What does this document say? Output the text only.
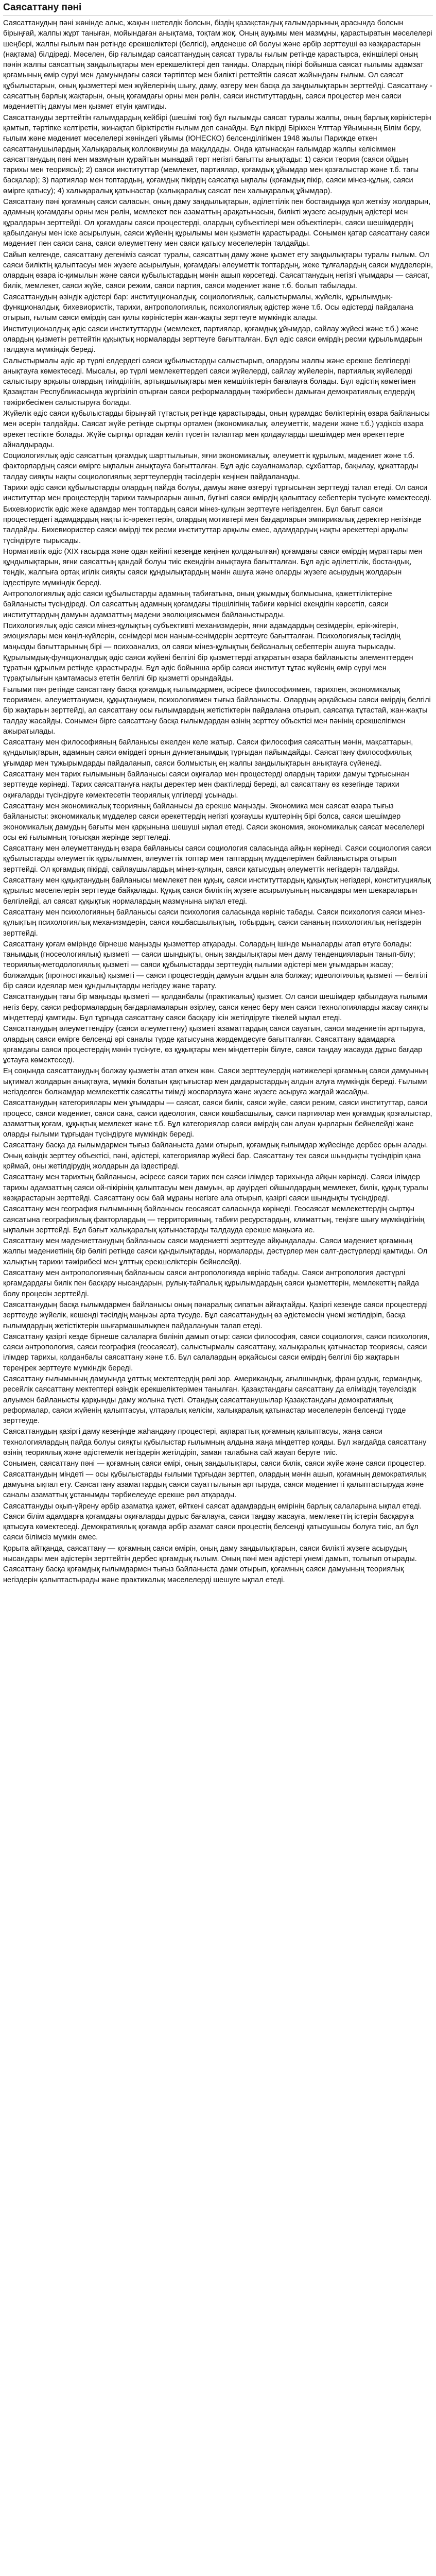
Саясаттану пәні

Саясаттанудың пәні жөнінде алыс, жақын шетелдік болсын, біздің қазақстандық ғалымдарының арасында болсын бірыңғай, жалпы жұрт таныған, мойындаған анықтама, тоқтам жоқ. Оның ауқымы мен мазмұны, қарастыратын мәселелері шеңбері, жалпы ғылым пән ретінде ерекшеліктері (белгісі), әлденеше ой болуы және әрбір зерттеуші өз көзқарастарын (нақтама) білдіреді. Мәселен, бір ғалымдар саясаттанудың саясат туралы ғылым ретінде қарастырса, екіншілері оның пәнін жалпы саясаттың заңдылықтары мен ерекшеліктері деп таниды. Олардың пікірі бойынша саясат ғылымы адамзат қоғамының өмір сүруі мен дамуындағы саяси тәртіптер мен билікті реттейтін саясат жайындағы ғылым. Ол саясат құбылыстарын, оның қызметтері мен жүйелерінің шығу, даму, өзгеру мен басқа да заңдылықтарын зерттейді. Саясаттану - саясаттың барлық жақтарын, оның қоғамдағы орны мен рөлін, саяси институттардың, саяси процестер мен саяси мәдениеттің дамуы мен қызмет етуін қамтиды.

Саясаттануды зерттейтін ғалымдардың кейбірі (шешімі тоқ) бұл ғылымды саясат туралы жалпы, оның барлық көріністерін қамтып, тәртіпке келтіретін, жинақтап біріктіретін ғылым деп санайды. Бұл пікірді Біріккен Ұлттар Ұйымының Білім беру, ғылым және мәдениет мәселелері жөніндегі ұйымы (ЮНЕСКО) белсенділігімен 1948 жылы Парижде өткен саясаттанушылардың Халықаралық коллоквиумы да мақұлдады. Онда қатынасқан ғалымдар жалпы келісіммен саясаттанудың пәні мен мазмұнын құрайтын мынадай төрт негізгі бағытты анықтады: 1) саяси теория (саяси ойдың тарихы мен теориясы); 2) саяси институттар (мемлекет, партиялар, қоғамдық ұйымдар мен қозғалыстар және т.б. тағы басқалар); 3) партиялар мен топтардың, қоғамдық пікірдің саясатқа ықпалы (қоғамдық пікір, саяси мінез-құлық, саяси өмірге қатысу); 4) халықаралық қатынастар (халықаралық саясат пен халықаралық ұйымдар).

Саясаттану пәні қоғамның саяси саласын, оның даму заңдылықтарын, әділеттілік пен бостандыққа қол жеткізу жолдарын, адамның қоғамдағы орны мен рөлін, мемлекет пен азаматтың арақатынасын, билікті жүзеге асырудың әдістері мен құралдарын зерттейді. Ол қоғамдағы саяси процестерді, олардың субъектілері мен объектілерін, саяси шешімдердің қабылдануы мен іске асырылуын, саяси жүйенің құрылымы мен қызметін қарастырады. Сонымен қатар саясаттану саяси мәдениет пен саяси сана, саяси әлеуметтену мен саяси қатысу мәселелерін талдайды.

Сайып келгенде, саясаттану дегеніміз саясат туралы, саясаттың даму және қызмет ету заңдылықтары туралы ғылым. Ол саяси биліктің қалыптасуы мен жүзеге асырылуын, қоғамдағы әлеуметтік топтардың, жеке тұлғалардың саяси мүдделерін, олардың өзара іс-қимылын және саяси құбылыстардың мәнін ашып көрсетеді. Саясаттанудың негізгі ұғымдары — саясат, билік, мемлекет, саяси жүйе, саяси режим, саяси партия, саяси мәдениет және т.б. болып табылады.

Саясаттанудың өзіндік әдістері бар: институционалдық, социологиялық, салыстырмалы, жүйелік, құрылымдық-функционалдық, бихевиористік, тарихи, антропологиялық, психологиялық әдістер және т.б. Осы әдістерді пайдалана отырып, ғылым саяси өмірдің сан қилы көріністерін жан-жақты зерттеуге мүмкіндік алады.

Институционалдық әдіс саяси институттарды (мемлекет, партиялар, қоғамдық ұйымдар, сайлау жүйесі және т.б.) және олардың қызметін реттейтін құқықтық нормаларды зерттеуге бағытталған. Бұл әдіс саяси өмірдің ресми құрылымдарын талдауға мүмкіндік береді.

Салыстырмалы әдіс әр түрлі елдердегі саяси құбылыстарды салыстырып, олардағы жалпы және ерекше белгілерді анықтауға көмектеседі. Мысалы, әр түрлі мемлекеттердегі саяси жүйелерді, сайлау жүйелерін, партиялық жүйелерді салыстыру арқылы олардың тиімділігін, артықшылықтары мен кемшіліктерін бағалауға болады. Бұл әдістің көмегімен Қазақстан Республикасында жүргізіліп отырған саяси реформалардың тәжірибесін дамыған демократиялық елдердің тәжірибесімен салыстыруға болады.

Жүйелік әдіс саяси құбылыстарды бірыңғай тұтастық ретінде қарастырады, оның құрамдас бөліктерінің өзара байланысы мен әсерін талдайды. Саясат жүйе ретінде сыртқы ортамен (экономикалық, әлеуметтік, мәдени және т.б.) үздіксіз өзара әрекеттестікте болады. Жүйе сыртқы ортадан келіп түсетін талаптар мен қолдауларды шешімдер мен әрекеттерге айналдырады.

Социологиялық әдіс саясаттың қоғамдық шарттылығын, яғни экономикалық, әлеуметтік құрылым, мәдениет және т.б. факторлардың саяси өмірге ықпалын анықтауға бағытталған. Бұл әдіс сауалнамалар, сұхбаттар, бақылау, құжаттарды талдау сияқты нақты социологиялық зерттеулердің тәсілдерін кеңінен пайдаланады.

Тарихи әдіс саяси құбылыстарды олардың пайда болуы, дамуы және өзгеруі тұрғысынан зерттеуді талап етеді. Ол саяси институттар мен процестердің тарихи тамырларын ашып, бүгінгі саяси өмірдің қалыптасу себептерін түсінуге көмектеседі.

Бихевиористік әдіс жеке адамдар мен топтардың саяси мінез-құлқын зерттеуге негізделген. Бұл бағыт саяси процестердегі адамдардың нақты іс-әрекеттерін, олардың мотивтері мен бағдарларын эмпирикалық деректер негізінде талдайды. Бихевиористер саяси өмірді тек ресми институттар арқылы емес, адамдардың нақты әрекеттері арқылы түсіндіруге тырысады.

Нормативтік әдіс (ХІХ ғасырда және одан кейінгі кезеңде кеңінен қолданылған) қоғамдағы саяси өмірдің мұраттары мен құндылықтарын, яғни саясаттың қандай болуы тиіс екендігін анықтауға бағытталған. Бұл әдіс әділеттілік, бостандық, теңдік, жалпыға ортақ игілік сияқты саяси құндылықтардың мәнін ашуға және оларды жүзеге асырудың жолдарын іздестіруге мүмкіндік береді.

Антропологиялық әдіс саяси құбылыстарды адамның табиғатына, оның ұжымдық болмысына, қажеттіліктеріне байланысты түсіндіреді. Ол саясаттың адамның қоғамдағы тіршілігінің табиғи көрінісі екендігін көрсетіп, саяси институттардың дамуын адамзаттың мәдени эволюциясымен байланыстырады.

Психологиялық әдіс саяси мінез-құлықтың субъективті механизмдерін, яғни адамдардың сезімдерін, ерік-жігерін, эмоциялары мен көңіл-күйлерін, сенімдері мен наным-сенімдерін зерттеуге бағытталған. Психологиялық тәсілдің маңызды бағыттарының бірі — психоанализ, ол саяси мінез-құлықтың бейсаналық себептерін ашуға тырысады.

Құрылымдық-функционалдық әдіс саяси жүйені белгілі бір қызметтерді атқаратын өзара байланысты элементтерден тұратын құрылым ретінде қарастырады. Бұл әдіс бойынша әрбір саяси институт тұтас жүйенің өмір сүруі мен тұрақтылығын қамтамасыз ететін белгілі бір қызметті орындайды.

Ғылыми пән ретінде саясаттану басқа қоғамдық ғылымдармен, әсіресе философиямен, тарихпен, экономикалық теориямен, әлеуметтанумен, құқықтанумен, психологиямен тығыз байланысты. Олардың әрқайсысы саяси өмірдің белгілі бір жақтарын зерттейді, ал саясаттану осы ғылымдардың жетістіктерін пайдалана отырып, саясатқа тұтастай, жан-жақты талдау жасайды. Сонымен бірге саясаттану басқа ғылымдардан өзінің зерттеу объектісі мен пәнінің ерекшелігімен ажыратылады.

Саясаттану мен философияның байланысы ежелден келе жатыр. Саяси философия саясаттың мәнін, мақсаттарын, құндылықтарын, адамның саяси өмірдегі орнын дүниетанымдық тұрғыдан пайымдайды. Саясаттану философиялық ұғымдар мен тұжырымдарды пайдаланып, саяси болмыстың ең жалпы заңдылықтарын анықтауға сүйенеді.

Саясаттану мен тарих ғылымының байланысы саяси оқиғалар мен процестерді олардың тарихи дамуы тұрғысынан зерттеуде көрінеді. Тарих саясаттануға нақты деректер мен фактілерді береді, ал саясаттану өз кезегінде тарихи оқиғаларды түсіндіруге көмектесетін теориялық үлгілерді ұсынады.

Саясаттану мен экономикалық теорияның байланысы да ерекше маңызды. Экономика мен саясат өзара тығыз байланысты: экономикалық мүдделер саяси әрекеттердің негізгі қозғаушы күштерінің бірі болса, саяси шешімдер экономикалық дамудың бағыты мен қарқынына шешуші ықпал етеді. Саяси экономия, экономикалық саясат мәселелері осы екі ғылымның тоғысқан жерінде зерттеледі.

Саясаттану мен әлеуметтанудың өзара байланысы саяси социология саласында айқын көрінеді. Саяси социология саяси құбылыстарды әлеуметтік құрылыммен, әлеуметтік топтар мен таптардың мүдделерімен байланыстыра отырып зерттейді. Ол қоғамдық пікірді, сайлаушылардың мінез-құлқын, саяси қатысудың әлеуметтік негіздерін талдайды.

Саясаттану мен құқықтанудың байланысы мемлекет пен құқық, саяси институттардың құқықтық негіздері, конституциялық құрылыс мәселелерін зерттеуде байқалады. Құқық саяси биліктің жүзеге асырылуының нысандары мен шекараларын белгілейді, ал саясат құқықтық нормалардың мазмұнына ықпал етеді.

Саясаттану мен психологияның байланысы саяси психология саласында көрініс табады. Саяси психология саяси мінез-құлықтың психологиялық механизмдерін, саяси көшбасшылықтың, тобырдың, саяси сананың психологиялық негіздерін зерттейді.

Саясаттану қоғам өмірінде бірнеше маңызды қызметтер атқарады. Солардың ішінде мыналарды атап өтуге болады: танымдық (гносеологиялық) қызметі — саяси шындықты, оның заңдылықтары мен даму тенденцияларын танып-білу; теориялық-методологиялық қызметі — саяси құбылыстарды зерттеудің ғылыми әдістері мен ұғымдарын жасау; болжамдық (прогностикалық) қызметі — саяси процестердің дамуын алдын ала болжау; идеологиялық қызметі — белгілі бір саяси идеялар мен құндылықтарды негіздеу және тарату.

Саясаттанудың тағы бір маңызды қызметі — қолданбалы (практикалық) қызмет. Ол саяси шешімдер қабылдауға ғылыми негіз беру, саяси реформалардың бағдарламаларын әзірлеу, саяси кеңес беру мен саяси технологияларды жасау сияқты міндеттерді қамтиды. Бұл тұрғыда саясаттану саяси басқару ісін жетілдіруге тікелей ықпал етеді.

Саясаттанудың әлеуметтендіру (саяси әлеуметтену) қызметі азаматтардың саяси сауатын, саяси мәдениетін арттыруға, олардың саяси өмірге белсенді әрі саналы түрде қатысуына жәрдемдесуге бағытталған. Саясаттану адамдарға қоғамдағы саяси процестердің мәнін түсінуге, өз құқықтары мен міндеттерін білуге, саяси таңдау жасауда дұрыс бағдар ұстауға көмектеседі.

Ең соңында саясаттанудың болжау қызметін атап өткен жөн. Саяси зерттеулердің нәтижелері қоғамның саяси дамуының ықтимал жолдарын анықтауға, мүмкін болатын қақтығыстар мен дағдарыстардың алдын алуға мүмкіндік береді. Ғылыми негізделген болжамдар мемлекеттік саясатты тиімді жоспарлауға және жүзеге асыруға жағдай жасайды.

Саясаттанудың категориялары мен ұғымдары — саясат, саяси билік, саяси жүйе, саяси режим, саяси институттар, саяси процесс, саяси мәдениет, саяси сана, саяси идеология, саяси көшбасшылық, саяси партиялар мен қоғамдық қозғалыстар, азаматтық қоғам, құқықтық мемлекет және т.б. Бұл категориялар саяси өмірдің сан алуан қырларын бейнелейді және оларды ғылыми тұрғыдан түсіндіруге мүмкіндік береді.

Саясаттану басқа да ғылымдармен тығыз байланыста дами отырып, қоғамдық ғылымдар жүйесінде дербес орын алады. Оның өзіндік зерттеу объектісі, пәні, әдістері, категориялар жүйесі бар. Саясаттану тек саяси шындықты түсіндіріп қана қоймай, оны жетілдірудің жолдарын да іздестіреді.

Саясаттану мен тарихтың байланысы, әсіресе саяси тарих пен саяси ілімдер тарихында айқын көрінеді. Саяси ілімдер тарихы адамзаттың саяси ой-пікірінің қалыптасуы мен дамуын, әр дәуірдегі ойшылдардың мемлекет, билік, құқық туралы көзқарастарын зерттейді. Саясаттану осы бай мұраны негізге ала отырып, қазіргі саяси шындықты түсіндіреді.

Саясаттану мен география ғылымының байланысы геосаясат саласында көрінеді. Геосаясат мемлекеттердің сыртқы саясатына географиялық факторлардың — территорияның, табиғи ресурстардың, климаттың, теңізге шығу мүмкіндігінің ықпалын зерттейді. Бұл бағыт халықаралық қатынастарды талдауда ерекше маңызға ие.

Саясаттану мен мәдениеттанудың байланысы саяси мәдениетті зерттеуде айқындалады. Саяси мәдениет қоғамның жалпы мәдениетінің бір бөлігі ретінде саяси құндылықтарды, нормаларды, дәстүрлер мен салт-дәстүрлерді қамтиды. Ол халықтың тарихи тәжірибесі мен ұлттық ерекшеліктерін бейнелейді.

Саясаттану мен антропологияның байланысы саяси антропологияда көрініс табады. Саяси антропология дәстүрлі қоғамдардағы билік пен басқару нысандарын, рулық-тайпалық құрылымдардың саяси қызметтерін, мемлекеттің пайда болу процесін зерттейді.

Саясаттанудың басқа ғылымдармен байланысы оның пәнаралық сипатын айғақтайды. Қазіргі кезеңде саяси процестерді зерттеуде жүйелік, кешенді тәсілдің маңызы арта түсуде. Бұл саясаттанудың өз әдістемесін үнемі жетілдіріп, басқа ғылымдардың жетістіктерін шығармашылықпен пайдалануын талап етеді.

Саясаттану қазіргі кезде бірнеше салаларға бөлініп дамып отыр: саяси философия, саяси социология, саяси психология, саяси антропология, саяси география (геосаясат), салыстырмалы саясаттану, халықаралық қатынастар теориясы, саяси ілімдер тарихы, қолданбалы саясаттану және т.б. Бұл салалардың әрқайсысы саяси өмірдің белгілі бір жақтарын тереңірек зерттеуге мүмкіндік береді.

Саясаттану ғылымының дамуында ұлттық мектептердің рөлі зор. Американдық, ағылшындық, француздық, германдық, ресейлік саясаттану мектептері өзіндік ерекшеліктерімен танылған. Қазақстандағы саясаттану да еліміздің тәуелсіздік алуымен байланысты қарқынды даму жолына түсті. Отандық саясаттанушылар Қазақстандағы демократиялық реформалар, саяси жүйенің қалыптасуы, ұлтаралық келісім, халықаралық қатынастар мәселелерін белсенді түрде зерттеуде.

Саясаттанудың қазіргі даму кезеңінде жаһандану процестері, ақпараттық қоғамның қалыптасуы, жаңа саяси технологиялардың пайда болуы сияқты құбылыстар ғылымның алдына жаңа міндеттер қояды. Бұл жағдайда саясаттану өзінің теориялық және әдістемелік негіздерін жетілдіріп, заман талабына сай жауап беруге тиіс.

Сонымен, саясаттану пәні — қоғамның саяси өмірі, оның заңдылықтары, саяси билік, саяси жүйе және саяси процестер. Саясаттанудың міндеті — осы құбылыстарды ғылыми тұрғыдан зерттеп, олардың мәнін ашып, қоғамның демократиялық дамуына ықпал ету. Саясаттану азаматтардың саяси сауаттылығын арттыруда, саяси мәдениетті қалыптастыруда және саналы азаматтық ұстанымды тәрбиелеуде ерекше рөл атқарады.

Саясаттануды оқып-үйрену әрбір азаматқа қажет, өйткені саясат адамдардың өмірінің барлық салаларына ықпал етеді. Саяси білім адамдарға қоғамдағы оқиғаларды дұрыс бағалауға, саяси таңдау жасауға, мемлекеттің істерін басқаруға қатысуға көмектеседі. Демократиялық қоғамда әрбір азамат саяси процестің белсенді қатысушысы болуға тиіс, ал бұл саяси білімсіз мүмкін емес.

Қорыта айтқанда, саясаттану — қоғамның саяси өмірін, оның даму заңдылықтарын, саяси билікті жүзеге асырудың нысандары мен әдістерін зерттейтін дербес қоғамдық ғылым. Оның пәні мен әдістері үнемі дамып, толығып отырады. Саясаттану басқа қоғамдық ғылымдармен тығыз байланыста дами отырып, қоғамның саяси дамуының теориялық негіздерін қалыптастырады және практикалық мәселелерді шешуге ықпал етеді.
